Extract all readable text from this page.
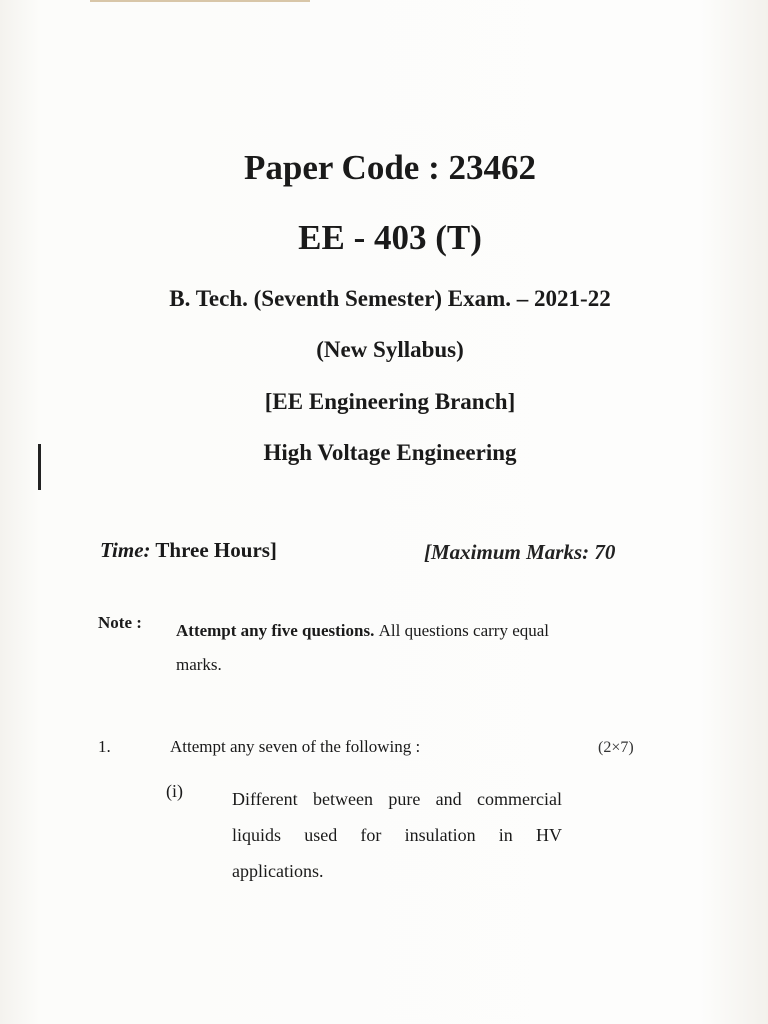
Paper Code : 23462
EE - 403 (T)
B. Tech. (Seventh Semester) Exam. – 2021-22
(New Syllabus)
[EE Engineering Branch]
High Voltage Engineering
Time: Three Hours]	[Maximum Marks: 70
Note : Attempt any five questions. All questions carry equal marks.
1.	Attempt any seven of the following :	(2×7)
(i)	Different between pure and commercial liquids used for insulation in HV applications.
